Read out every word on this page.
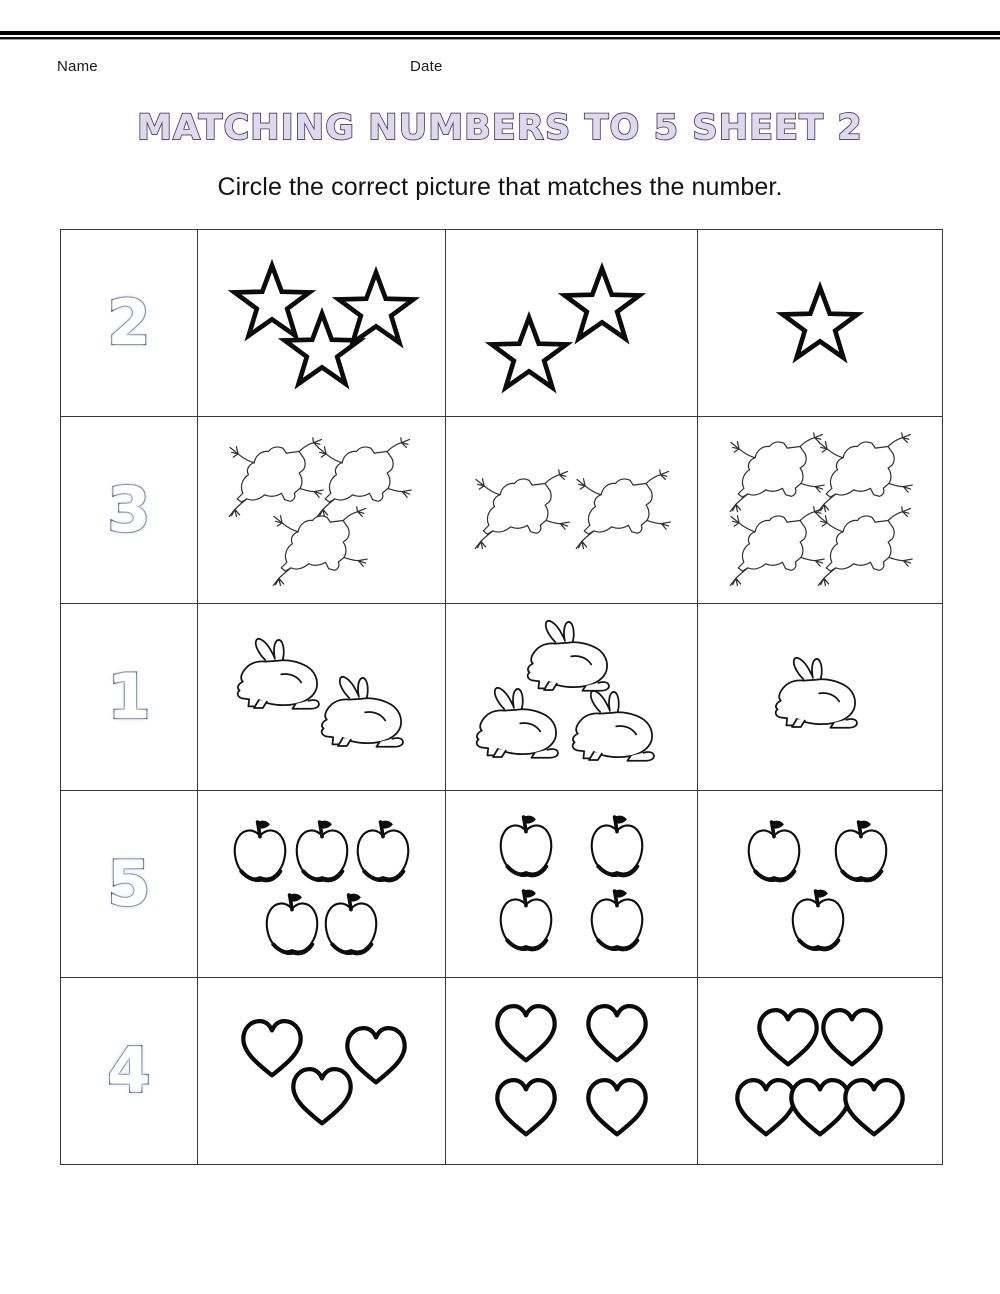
Name	Date
MATCHING NUMBERS TO 5 SHEET 2
Circle the correct picture that matches the number.
2	

3	

1	

5	

4	
